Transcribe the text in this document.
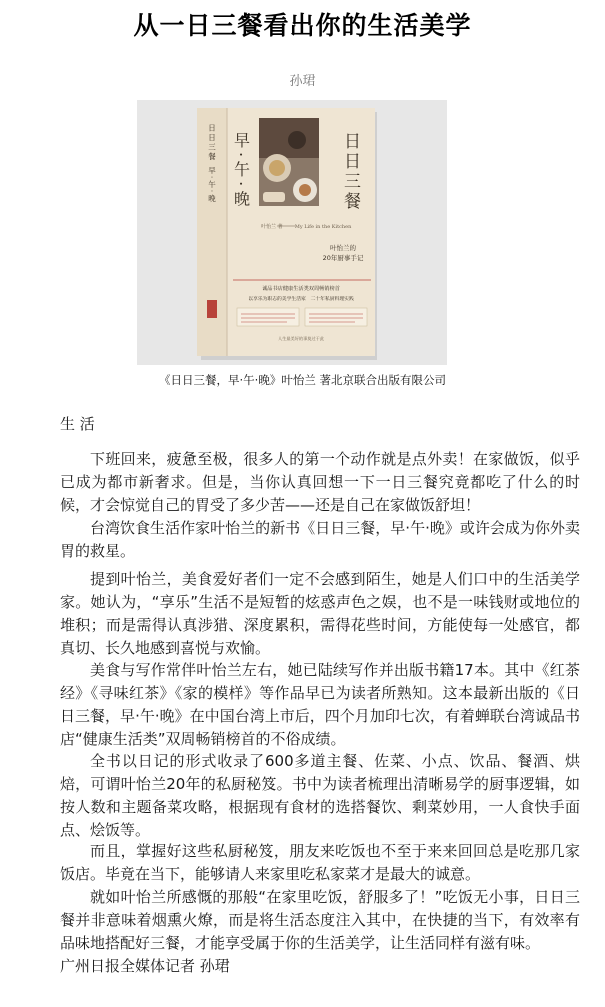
从一日三餐看出你的生活美学
孙珺
早·午·晚	日日三餐
My Life in the Kitchen
叶怡兰的
20年厨事手记
叶怡兰 著
诚品书店健康生活类双周畅销榜首
以享乐为职志的美学生活家　二十年私厨料理实践
人生最美好的事莫过于此
日日三餐 早·午·晚
《日日三餐，早·午·晚》叶怡兰 著北京联合出版有限公司

生 活

下班回来，疲惫至极，很多人的第一个动作就是点外卖！在家做饭，似乎已成为都市新奢求。但是，当你认真回想一下一日三餐究竟都吃了什么的时候，才会惊觉自己的胃受了多少苦——还是自己在家做饭舒坦！

台湾饮食生活作家叶怡兰的新书《日日三餐，早·午·晚》或许会成为你外卖胃的救星。

提到叶怡兰，美食爱好者们一定不会感到陌生，她是人们口中的生活美学家。她认为，“享乐”生活不是短暂的炫惑声色之娱，也不是一味钱财或地位的堆积；而是需得认真涉猎、深度累积，需得花些时间，方能使每一处感官，都真切、长久地感到喜悦与欢愉。

美食与写作常伴叶怡兰左右，她已陆续写作并出版书籍17本。其中《红茶经》《寻味红茶》《家的模样》等作品早已为读者所熟知。这本最新出版的《日日三餐，早·午·晚》在中国台湾上市后，四个月加印七次，有着蝉联台湾诚品书店“健康生活类”双周畅销榜首的不俗成绩。

全书以日记的形式收录了600多道主餐、佐菜、小点、饮品、餐酒、烘焙，可谓叶怡兰20年的私厨秘笈。书中为读者梳理出清晰易学的厨事逻辑，如按人数和主题备菜攻略，根据现有食材的选搭餐饮、剩菜妙用，一人食快手面点、烩饭等。

而且，掌握好这些私厨秘笈，朋友来吃饭也不至于来来回回总是吃那几家饭店。毕竟在当下，能够请人来家里吃私家菜才是最大的诚意。

就如叶怡兰所感慨的那般“在家里吃饭，舒服多了！”吃饭无小事，日日三餐并非意味着烟熏火燎，而是将生活态度注入其中，在快捷的当下，有效率有品味地搭配好三餐，才能享受属于你的生活美学，让生活同样有滋有味。

广州日报全媒体记者 孙珺
